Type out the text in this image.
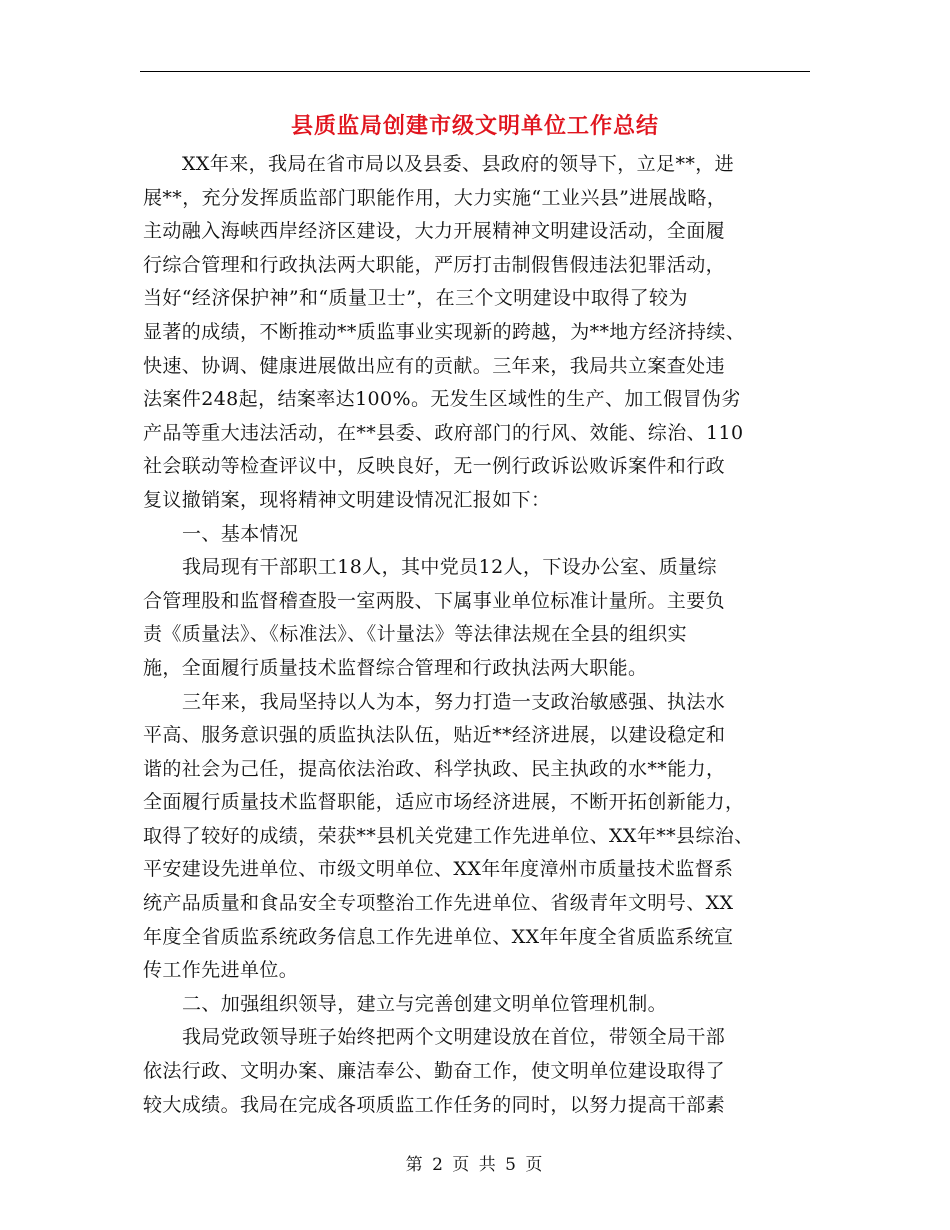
县质监局创建市级文明单位工作总结
XX年来，我局在省市局以及县委、县政府的领导下，立足**，进
展**，充分发挥质监部门职能作用，大力实施“工业兴县”进展战略，
主动融入海峡西岸经济区建设，大力开展精神文明建设活动，全面履
行综合管理和行政执法两大职能，严厉打击制假售假违法犯罪活动，
当好“经济保护神”和“质量卫士”，在三个文明建设中取得了较为
显著的成绩，不断推动**质监事业实现新的跨越，为**地方经济持续、
快速、协调、健康进展做出应有的贡献。三年来，我局共立案查处违
法案件248起，结案率达100%。无发生区域性的生产、加工假冒伪劣
产品等重大违法活动，在**县委、政府部门的行风、效能、综治、110
社会联动等检查评议中，反映良好，无一例行政诉讼败诉案件和行政
复议撤销案，现将精神文明建设情况汇报如下：
一、基本情况
我局现有干部职工18人，其中党员12人，下设办公室、质量综
合管理股和监督稽查股一室两股、下属事业单位标准计量所。主要负
责《质量法》、《标准法》、《计量法》等法律法规在全县的组织实
施，全面履行质量技术监督综合管理和行政执法两大职能。
三年来，我局坚持以人为本，努力打造一支政治敏感强、执法水
平高、服务意识强的质监执法队伍，贴近**经济进展，以建设稳定和
谐的社会为己任，提高依法治政、科学执政、民主执政的水**能力，
全面履行质量技术监督职能，适应市场经济进展，不断开拓创新能力，
取得了较好的成绩，荣获**县机关党建工作先进单位、XX年**县综治、
平安建设先进单位、市级文明单位、XX年年度漳州市质量技术监督系
统产品质量和食品安全专项整治工作先进单位、省级青年文明号、XX
年度全省质监系统政务信息工作先进单位、XX年年度全省质监系统宣
传工作先进单位。
二、加强组织领导，建立与完善创建文明单位管理机制。
我局党政领导班子始终把两个文明建设放在首位，带领全局干部
依法行政、文明办案、廉洁奉公、勤奋工作，使文明单位建设取得了
较大成绩。我局在完成各项质监工作任务的同时，以努力提高干部素
第 2 页 共 5 页
